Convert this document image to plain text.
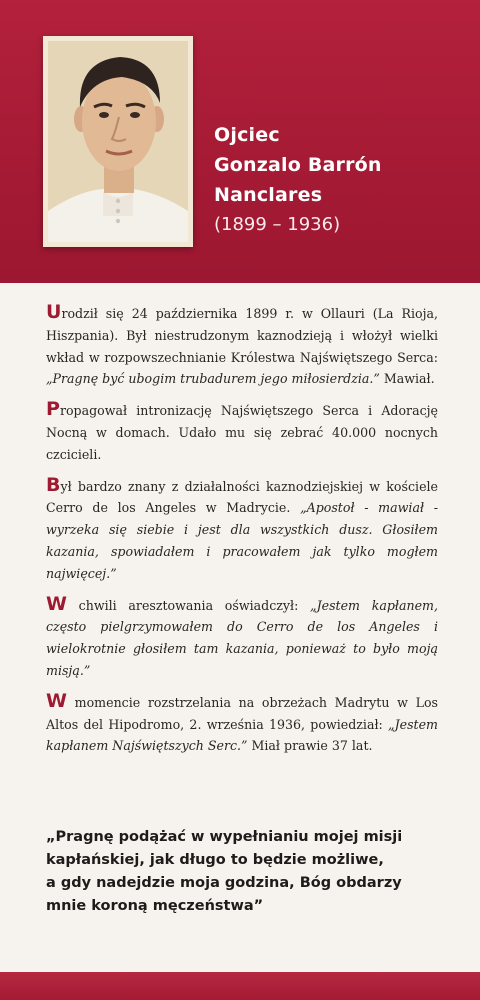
Ojciec
Gonzalo Barrón
Nanclares
(1899 – 1936)

Urodził się 24 października 1899 r. w Ollauri (La Rioja, Hiszpania). Był niestrudzonym kaznodzieją i włożył wielki wkład w rozpowszechnianie Królestwa Najświętszego Serca: „Pragnę być ubogim trubadurem jego miłosierdzia.” Mawiał.

Propagował intronizację Najświętszego Serca i Adorację Nocną w domach. Udało mu się zebrać 40.000 nocnych czcicieli.

Był bardzo znany z działalności kaznodziejskiej w kościele Cerro de los Angeles w Madrycie. „Apostoł - mawiał - wyrzeka się siebie i jest dla wszystkich dusz. Głosiłem kazania, spowiadałem i pracowałem jak tylko mogłem najwięcej.”

W chwili aresztowania oświadczył: „Jestem kapłanem, często pielgrzymowałem do Cerro de los Angeles i wielokrotnie głosiłem tam kazania, ponieważ to było moją misją.”

W momencie rozstrzelania na obrzeżach Madrytu w Los Altos del Hipodromo, 2. września 1936, powiedział: „Jestem kapłanem Najświętszych Serc.” Miał prawie 37 lat.

„Pragnę podążać w wypełnianiu mojej misji
kapłańskiej, jak długo to będzie możliwe,
a gdy nadejdzie moja godzina, Bóg obdarzy
mnie koroną męczeństwa”
